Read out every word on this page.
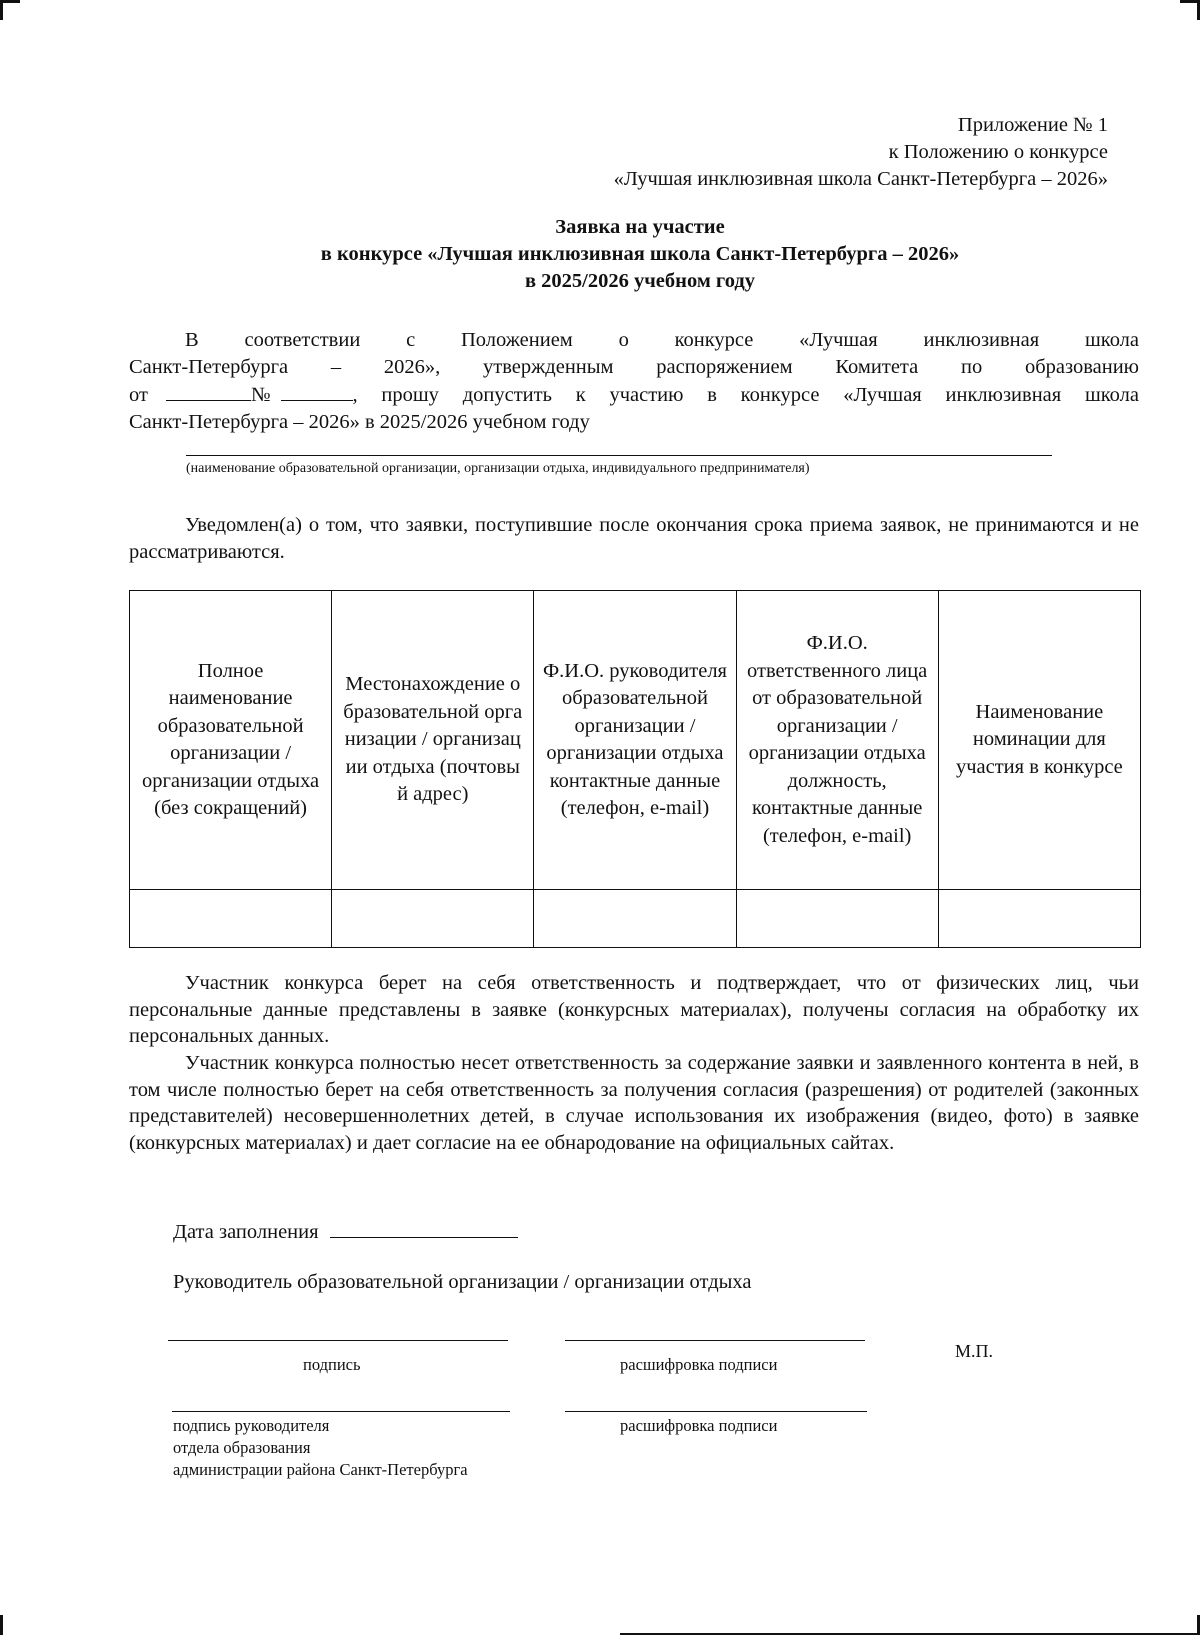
Приложение № 1
к Положению о конкурсе
«Лучшая инклюзивная школа Санкт-Петербурга – 2026»
Заявка на участие
в конкурсе «Лучшая инклюзивная школа Санкт-Петербурга – 2026»
в 2025/2026 учебном году
В соответствии с Положением о конкурсе «Лучшая инклюзивная школа
Санкт-Петербурга – 2026», утвержденным распоряжением Комитета по образованию
от	№	, прошу допустить к участию в конкурсе «Лучшая инклюзивная школа
Санкт-Петербурга – 2026» в 2025/2026 учебном году
(наименование образовательной организации, организации отдыха, индивидуального предпринимателя)
Уведомлен(а) о том, что заявки, поступившие после окончания срока приема заявок, не принимаются и не рассматриваются.
Полное наименование образовательной организации / организации отдыха (без сокращений)	Местонахождение образовательной организации / организации отдыха (почтовый адрес)	Ф.И.О. руководителя образовательной организации / организации отдыха контактные данные (телефон, e-mail)	Ф.И.О. ответственного лица от образовательной организации / организации отдыха должность, контактные данные (телефон, e-mail)	Наименование номинации для участия в конкурсе

Участник конкурса берет на себя ответственность и подтверждает, что от физических лиц, чьи персональные данные представлены в заявке (конкурсных материалах), получены согласия на обработку их персональных данных.
Участник конкурса полностью несет ответственность за содержание заявки и заявленного контента в ней, в том числе полностью берет на себя ответственность за получения согласия (разрешения) от родителей (законных представителей) несовершеннолетних детей, в случае использования их изображения (видео, фото) в заявке (конкурсных материалах) и дает согласие на ее обнародование на официальных сайтах.
Дата заполнения
Руководитель образовательной организации / организации отдыха
подпись	расшифровка подписи
М.П.
подпись руководителя
отдела образования
администрации района Санкт-Петербурга
расшифровка подписи
